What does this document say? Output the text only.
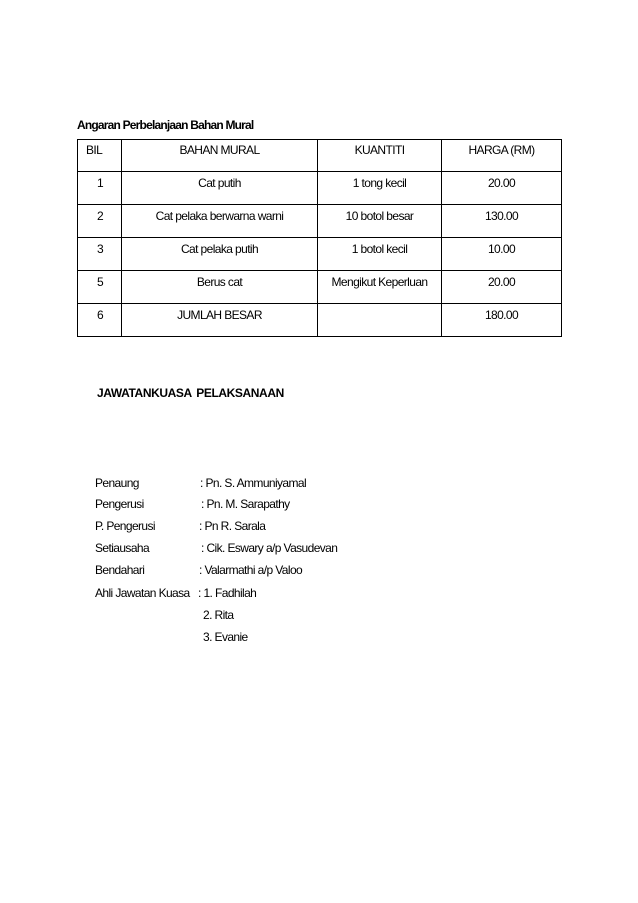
Angaran Perbelanjaan Bahan Mural
BIL	BAHAN MURAL	KUANTITI	HARGA (RM)
1	Cat putih	1 tong kecil	20.00
2	Cat pelaka berwarna warni	10 botol besar	130.00
3	Cat pelaka putih	1 botol kecil	10.00
5	Berus cat	Mengikut Keperluan	20.00
6	JUMLAH BESAR		180.00
JAWATANKUASA PELAKSANAAN
Penaung	: Pn. S. Ammuniyamal
Pengerusi	: Pn. M. Sarapathy
P. Pengerusi	: Pn R. Sarala
Setiausaha	: Cik. Eswary a/p Vasudevan
Bendahari	: Valarmathi a/p Valoo
Ahli Jawatan Kuasa : 1. Fadhilah
2. Rita
3. Evanie
